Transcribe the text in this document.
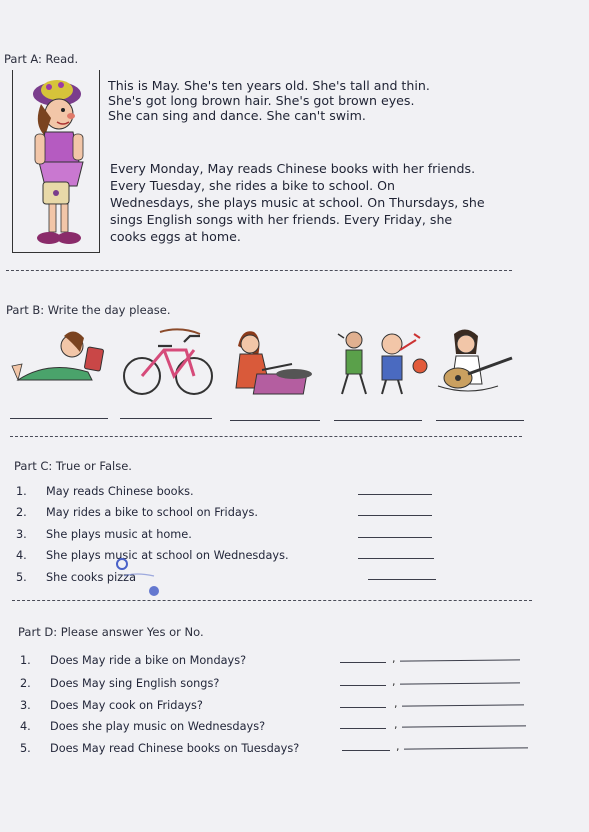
Part A: Read.
This is May. She's ten years old. She's tall and thin.
She's got long brown hair. She's got brown eyes.
She can sing and dance. She can't swim.
Every Monday, May reads Chinese books with her friends.
Every Tuesday, she rides a bike to school. On
Wednesdays, she plays music at school. On Thursdays, she
sings English songs with her friends. Every Friday, she
cooks eggs at home.
Part B: Write the day please.
Part C: True or False.
1. May reads Chinese books.
2. May rides a bike to school on Fridays.
3. She plays music at home.
4. She plays music at school on Wednesdays.
5. She cooks pizza
Part D: Please answer Yes or No.
1. Does May ride a bike on Mondays?
2. Does May sing English songs?
3. Does May cook on Fridays?
4. Does she play music on Wednesdays?
5. Does May read Chinese books on Tuesdays?
,
,
,
,
,
